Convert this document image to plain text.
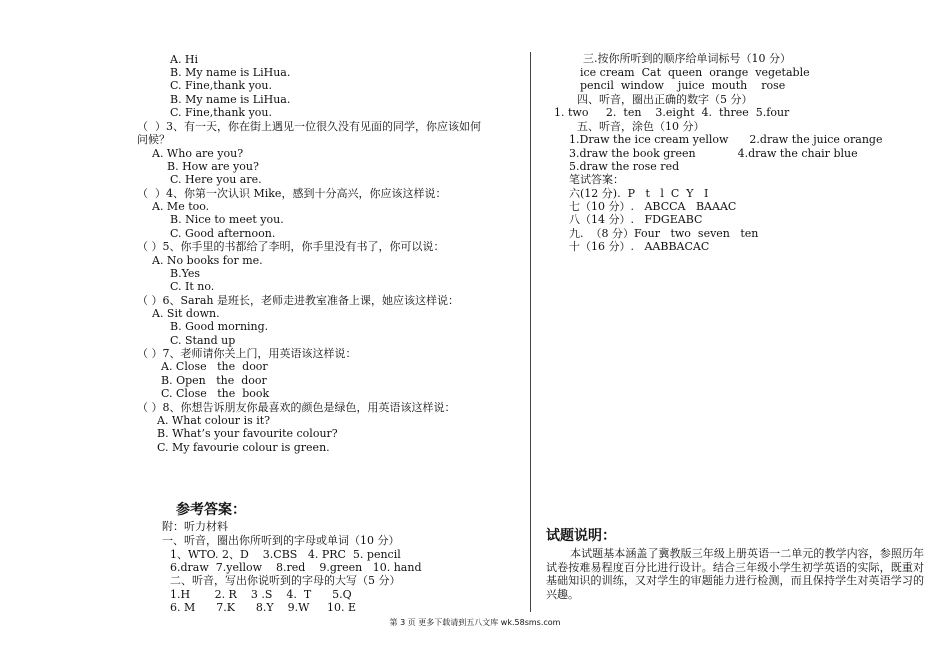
A. Hi
B. My name is LiHua.
C. Fine,thank you.
B. My name is LiHua.
C. Fine,thank you.
（  ）3、有一天，你在街上遇见一位很久没有见面的同学，你应该如何
问候？
A. Who are you?
B. How are you?
C. Here you are.
（  ）4、你第一次认识 Mike，感到十分高兴，你应该这样说：
A. Me too.
B. Nice to meet you.
C. Good afternoon.
（ ）5、你手里的书都给了李明，你手里没有书了，你可以说：
A. No books for me.
B.Yes
C. It no.
（ ）6、Sarah 是班长，老师走进教室准备上课，她应该这样说：
A. Sit down.
B. Good morning.
C. Stand up
（ ）7、老师请你关上门，用英语该这样说：
A. Close   the  door
B. Open   the  door
C. Close   the  book
（ ）8、你想告诉朋友你最喜欢的颜色是绿色，用英语该这样说：
A. What colour is it?
B. What’s your favourite colour?
C. My favourie colour is green.
参考答案：
附：听力材料
一、听音，圈出你所听到的字母或单词（10 分）
1、WTO. 2、D    3.CBS   4. PRC  5. pencil
6.draw  7.yellow    8.red    9.green   10. hand
二、听音，写出你说听到的字母的大写（5 分）
1.H       2. R    3 .S    4.  T      5.Q
6. M      7.K      8.Y    9.W     10. E
三.按你所听到的顺序给单词标号（10 分）
ice cream  Cat  queen  orange  vegetable
pencil  window    juice  mouth    rose
四、听音，圈出正确的数字（5 分）
1. two     2.  ten    3.eight  4.  three  5.four
五、听音，涂色（10 分）
1.Draw the ice cream yellow      2.draw the juice orange
3.draw the book green            4.draw the chair blue
5.draw the rose red
笔试答案：
六(12 分).  P   t   l  C  Y   I
七（10 分）.   ABCCA   BAAAC
八（14 分）.   FDGEABC
九.  （8 分）Four   two  seven   ten
十（16 分）.   AABBACAC
试题说明：
本试题基本涵盖了冀教版三年级上册英语一二单元的教学内容，参照历年试卷按难易程度百分比进行设计。结合三年级小学生初学英语的实际，既重对基础知识的训练，又对学生的审题能力进行检测，而且保持学生对英语学习的兴趣。
第 3 页 更多下载请到五八文库 wk.58sms.com
